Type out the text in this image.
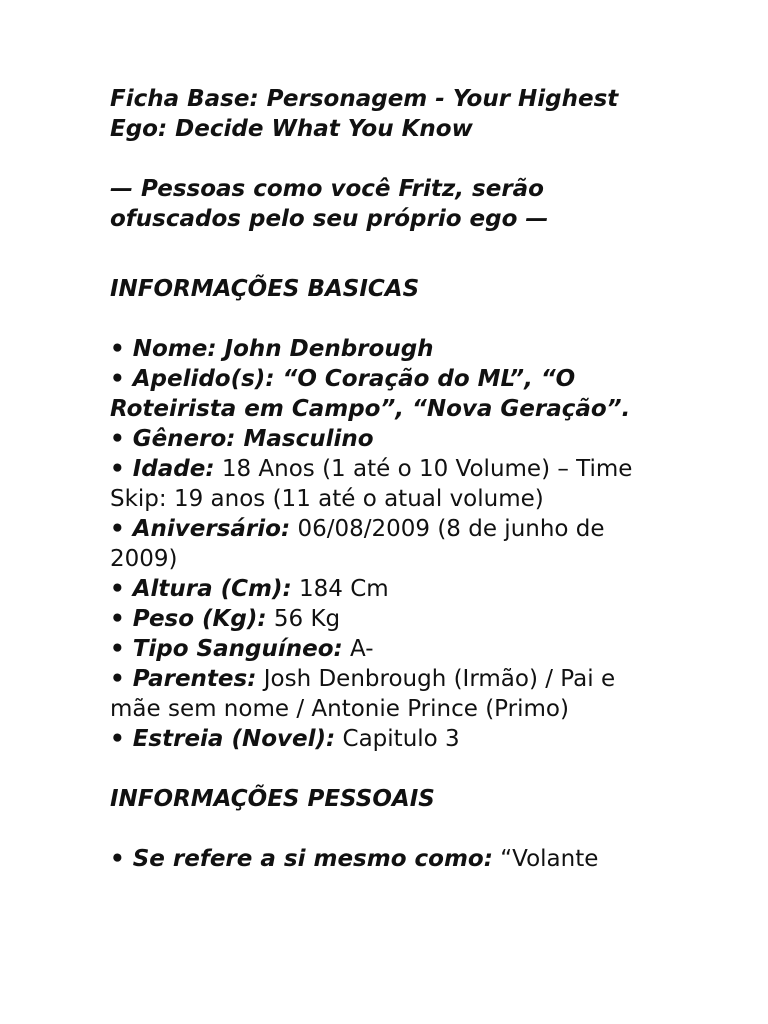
Ficha Base: Personagem - Your Highest Ego: Decide What You Know

— Pessoas como você Fritz, serão ofuscados pelo seu próprio ego —

INFORMAÇÕES BASICAS

• Nome: John Denbrough

• Apelido(s): “O Coração do ML”, “O Roteirista em Campo”, “Nova Geração”.

• Gênero: Masculino

• Idade: 18 Anos (1 até o 10 Volume) – Time Skip: 19 anos (11 até o atual volume)

• Aniversário: 06/08/2009 (8 de junho de 2009)

• Altura (Cm): 184 Cm

• Peso (Kg): 56 Kg

• Tipo Sanguíneo: A-

• Parentes: Josh Denbrough (Irmão) / Pai e mãe sem nome / Antonie Prince (Primo)

• Estreia (Novel): Capitulo 3

INFORMAÇÕES PESSOAIS

• Se refere a si mesmo como: “Volante
